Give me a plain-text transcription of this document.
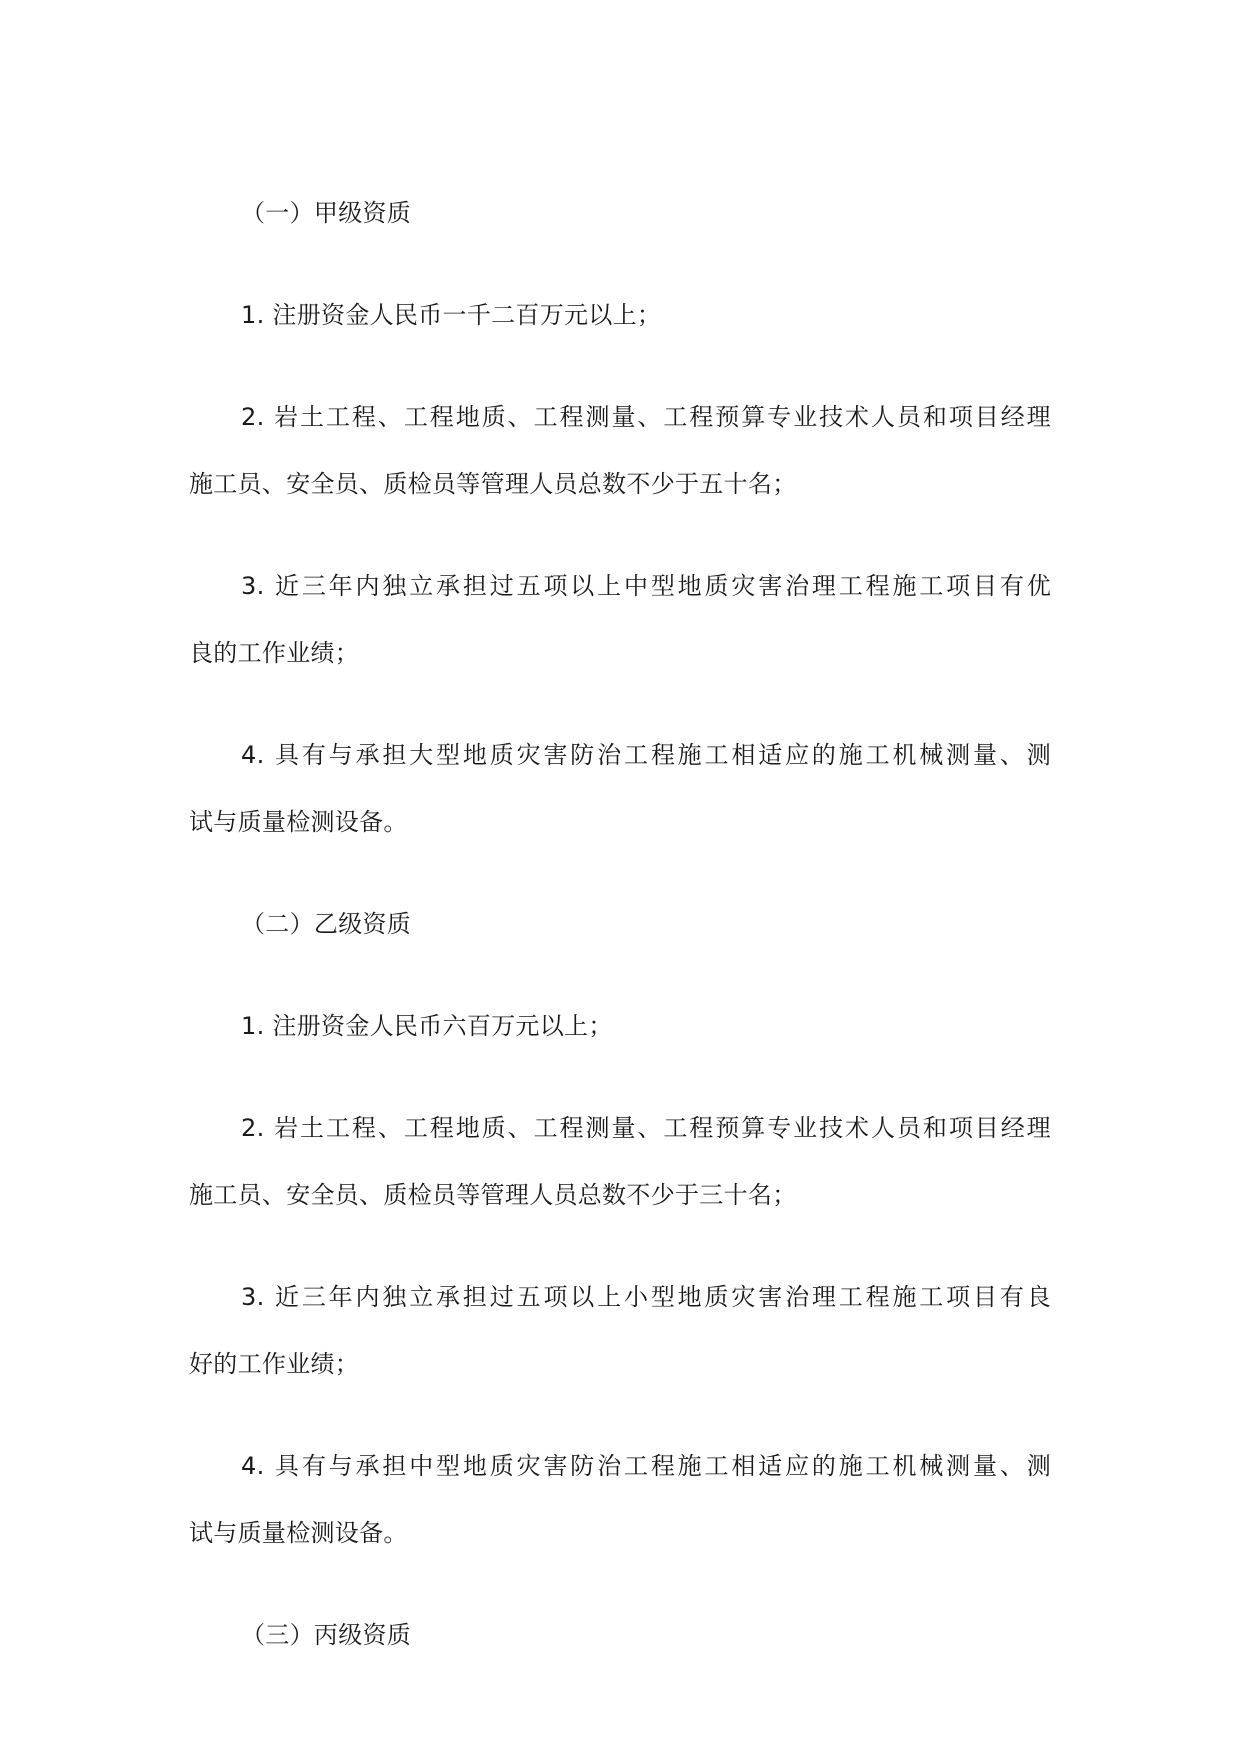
（一）甲级资质
1. 注册资金人民币一千二百万元以上；
2. 岩土工程、工程地质、工程测量、工程预算专业技术人员和项目经理
施工员、安全员、质检员等管理人员总数不少于五十名；
3. 近三年内独立承担过五项以上中型地质灾害治理工程施工项目有优
良的工作业绩；
4. 具有与承担大型地质灾害防治工程施工相适应的施工机械测量、测
试与质量检测设备。
（二）乙级资质
1. 注册资金人民币六百万元以上；
2. 岩土工程、工程地质、工程测量、工程预算专业技术人员和项目经理
施工员、安全员、质检员等管理人员总数不少于三十名；
3. 近三年内独立承担过五项以上小型地质灾害治理工程施工项目有良
好的工作业绩；
4. 具有与承担中型地质灾害防治工程施工相适应的施工机械测量、测
试与质量检测设备。
（三）丙级资质
